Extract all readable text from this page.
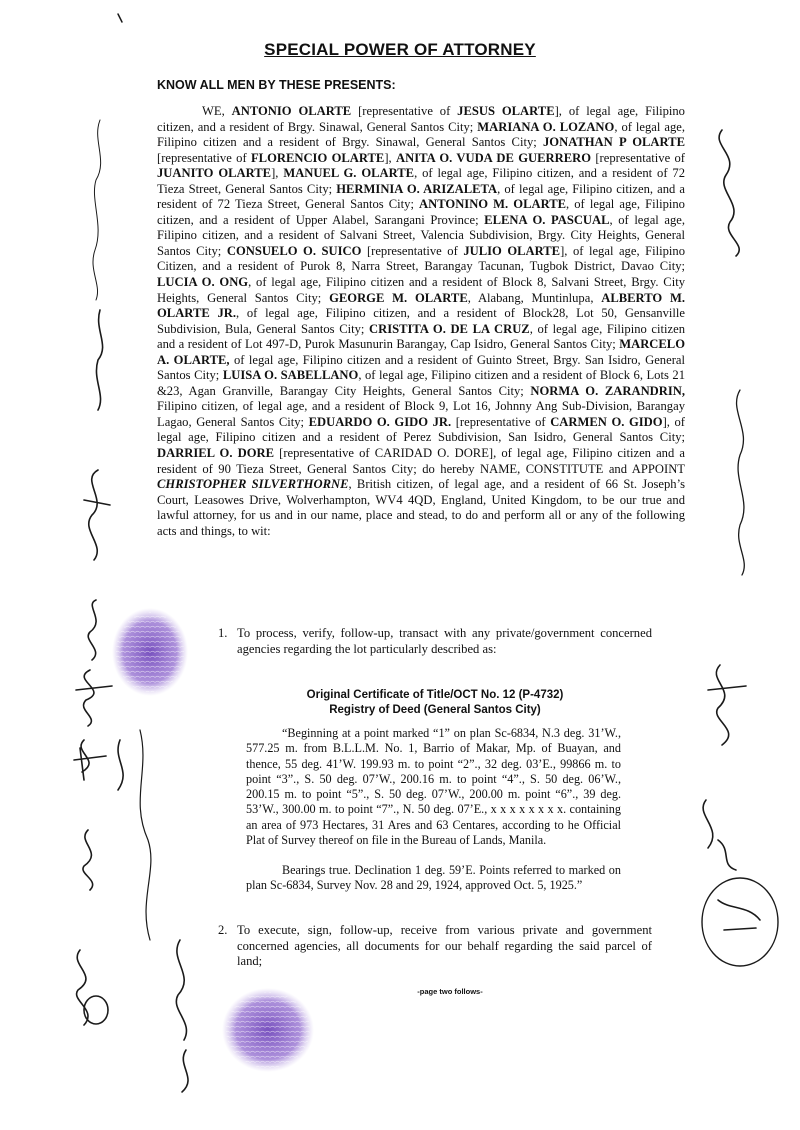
SPECIAL POWER OF ATTORNEY
KNOW ALL MEN BY THESE PRESENTS:
WE, ANTONIO OLARTE [representative of JESUS OLARTE], of legal age, Filipino citizen, and a resident of Brgy. Sinawal, General Santos City; MARIANA O. LOZANO, of legal age, Filipino citizen and a resident of Brgy. Sinawal, General Santos City; JONATHAN P OLARTE [representative of FLORENCIO OLARTE], ANITA O. VUDA DE GUERRERO [representative of JUANITO OLARTE], MANUEL G. OLARTE, of legal age, Filipino citizen, and a resident of 72 Tieza Street, General Santos City; HERMINIA O. ARIZALETA, of legal age, Filipino citizen, and a resident of 72 Tieza Street, General Santos City; ANTONINO M. OLARTE, of legal age, Filipino citizen, and a resident of Upper Alabel, Sarangani Province; ELENA O. PASCUAL, of legal age, Filipino citizen, and a resident of Salvani Street, Valencia Subdivision, Brgy. City Heights, General Santos City; CONSUELO O. SUICO [representative of JULIO OLARTE], of legal age, Filipino Citizen, and a resident of Purok 8, Narra Street, Barangay Tacunan, Tugbok District, Davao City; LUCIA O. ONG, of legal age, Filipino citizen and a resident of Block 8, Salvani Street, Brgy. City Heights, General Santos City; GEORGE M. OLARTE, Alabang, Muntinlupa, ALBERTO M. OLARTE JR., of legal age, Filipino citizen, and a resident of Block28, Lot 50, Gensanville Subdivision, Bula, General Santos City; CRISTITA O. DE LA CRUZ, of legal age, Filipino citizen and a resident of Lot 497-D, Purok Masunurin Barangay, Cap Isidro, General Santos City; MARCELO A. OLARTE, of legal age, Filipino citizen and a resident of Guinto Street, Brgy. San Isidro, General Santos City; LUISA O. SABELLANO, of legal age, Filipino citizen and a resident of Block 6, Lots 21 &23, Agan Granville, Barangay City Heights, General Santos City; NORMA O. ZARANDRIN, Filipino citizen, of legal age, and a resident of Block 9, Lot 16, Johnny Ang Sub-Division, Barangay Lagao, General Santos City; EDUARDO O. GIDO JR. [representative of CARMEN O. GIDO], of legal age, Filipino citizen and a resident of Perez Subdivision, San Isidro, General Santos City; DARRIEL O. DORE [representative of CARIDAD O. DORE], of legal age, Filipino citizen and a resident of 90 Tieza Street, General Santos City; do hereby NAME, CONSTITUTE and APPOINT CHRISTOPHER SILVERTHORNE, British citizen, of legal age, and a resident of 66 St. Joseph’s Court, Leasowes Drive, Wolverhampton, WV4 4QD, England, United Kingdom, to be our true and lawful attorney, for us and in our name, place and stead, to do and perform all or any of the following acts and things, to wit:
1. To process, verify, follow-up, transact with any private/government concerned agencies regarding the lot particularly described as:
Original Certificate of Title/OCT No. 12 (P-4732)
Registry of Deed (General Santos City)
“Beginning at a point marked “1” on plan Sc-6834, N.3 deg. 31’W., 577.25 m. from B.L.L.M. No. 1, Barrio of Makar, Mp. of Buayan, and thence, 55 deg. 41’W. 199.93 m. to point “2”., 32 deg. 03’E., 99866 m. to point “3”., S. 50 deg. 07’W., 200.16 m. to point “4”., S. 50 deg. 06’W., 200.15 m. to point “5”., S. 50 deg. 07’W., 200.00 m. point “6”., 39 deg. 53’W., 300.00 m. to point “7”., N. 50 deg. 07’E., x x x x x x x x. containing an area of 973 Hectares, 31 Ares and 63 Centares, according to he Official Plat of Survey thereof on file in the Bureau of Lands, Manila.
Bearings true. Declination 1 deg. 59’E. Points referred to marked on plan Sc-6834, Survey Nov. 28 and 29, 1924, approved Oct. 5, 1925.”
2. To execute, sign, follow-up, receive from various private and government concerned agencies, all documents for our behalf regarding the said parcel of land;
-page two follows-
